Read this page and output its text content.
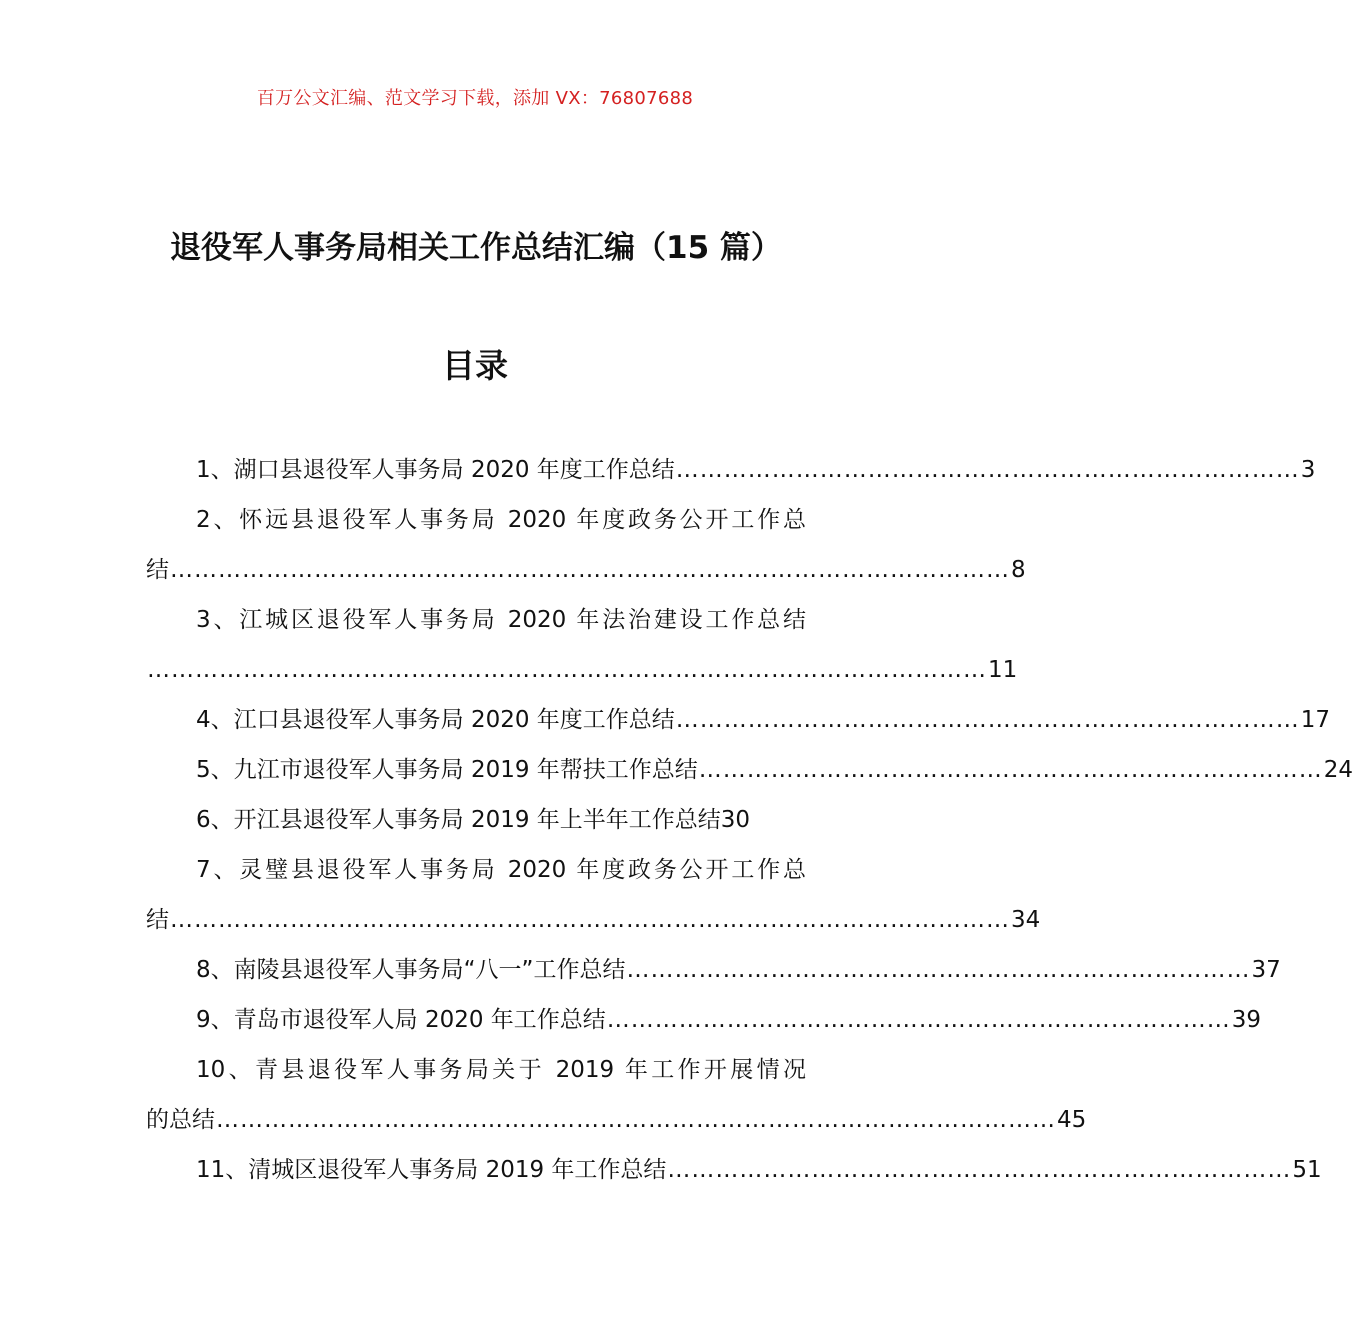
百万公文汇编、范文学习下载，添加 VX：76807688
退役军人事务局相关工作总结汇编（15 篇）
目录
1、湖口县退役军人事务局 2020 年度工作总结 …………………………………………………………………… 3
2、怀远县退役军人事务局 2020 年度政务公开工作总
结 …………………………………………………………………………………………… 8
3、江城区退役军人事务局 2020 年法治建设工作总结
…………………………………………………………………………………………… 11
4、江口县退役军人事务局 2020 年度工作总结 …………………………………………………………………… 17
5、九江市退役军人事务局 2019 年帮扶工作总结 …………………………………………………………………… 24
6、开江县退役军人事务局 2019 年上半年工作总结 30
7、灵璧县退役军人事务局 2020 年度政务公开工作总
结 …………………………………………………………………………………………… 34
8、南陵县退役军人事务局“八一”工作总结 …………………………………………………………………… 37
9、青岛市退役军人局 2020 年工作总结 …………………………………………………………………… 39
10、青县退役军人事务局关于 2019 年工作开展情况
的总结 …………………………………………………………………………………………… 45
11、清城区退役军人事务局 2019 年工作总结 …………………………………………………………………… 51
